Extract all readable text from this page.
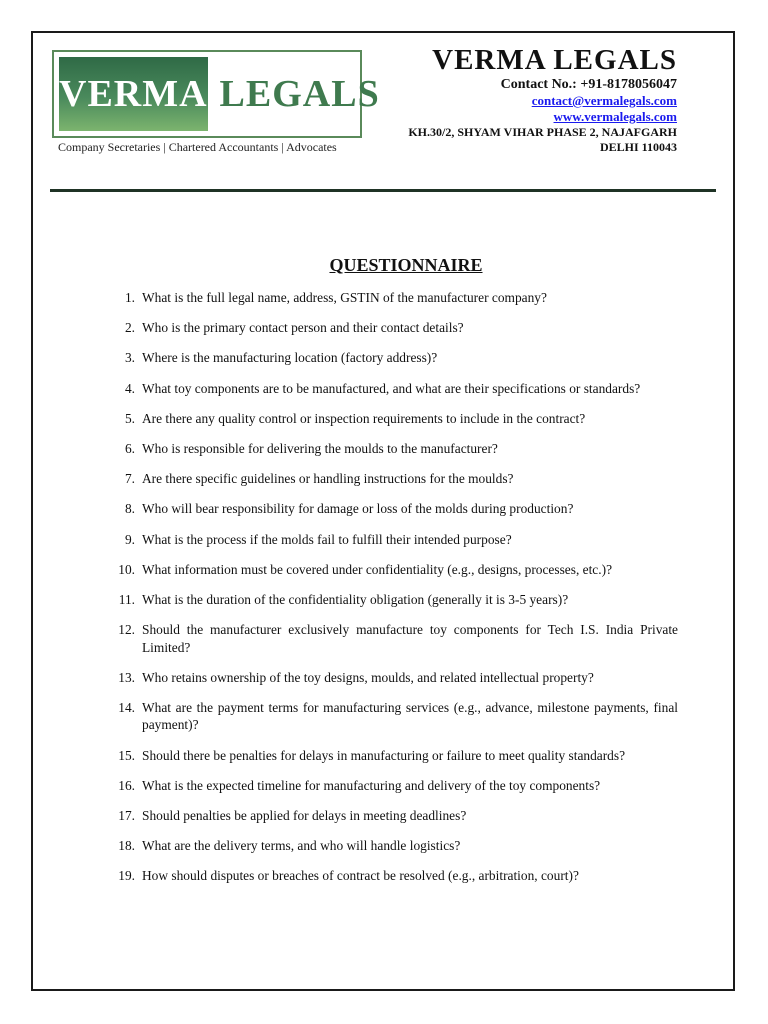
VERMA LEGALS
Company Secretaries | Chartered Accountants | Advocates
VERMA LEGALS
Contact No.: +91-8178056047
contact@vermalegals.com
www.vermalegals.com
KH.30/2, SHYAM VIHAR PHASE 2, NAJAFGARH
DELHI 110043
QUESTIONNAIRE
1. What is the full legal name, address, GSTIN of the manufacturer company?
2. Who is the primary contact person and their contact details?
3. Where is the manufacturing location (factory address)?
4. What toy components are to be manufactured, and what are their specifications or standards?
5. Are there any quality control or inspection requirements to include in the contract?
6. Who is responsible for delivering the moulds to the manufacturer?
7. Are there specific guidelines or handling instructions for the moulds?
8. Who will bear responsibility for damage or loss of the molds during production?
9. What is the process if the molds fail to fulfill their intended purpose?
10. What information must be covered under confidentiality (e.g., designs, processes, etc.)?
11. What is the duration of the confidentiality obligation (generally it is 3-5 years)?
12. Should the manufacturer exclusively manufacture toy components for Tech I.S. India Private Limited?
13. Who retains ownership of the toy designs, moulds, and related intellectual property?
14. What are the payment terms for manufacturing services (e.g., advance, milestone payments, final payment)?
15. Should there be penalties for delays in manufacturing or failure to meet quality standards?
16. What is the expected timeline for manufacturing and delivery of the toy components?
17. Should penalties be applied for delays in meeting deadlines?
18. What are the delivery terms, and who will handle logistics?
19. How should disputes or breaches of contract be resolved (e.g., arbitration, court)?
